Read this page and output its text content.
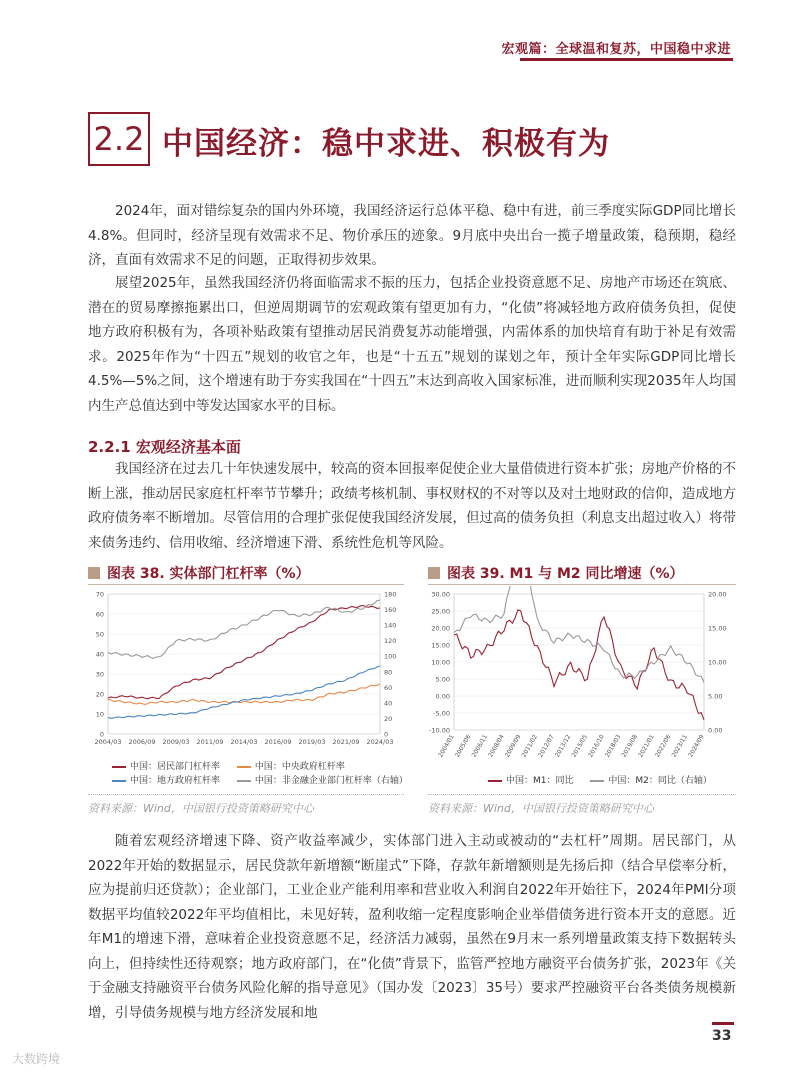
宏观篇：全球温和复苏，中国稳中求进
2.2 中国经济：稳中求进、积极有为
2024年，面对错综复杂的国内外环境，我国经济运行总体平稳、稳中有进，前三季度实际GDP同比增长4.8%。但同时，经济呈现有效需求不足、物价承压的迹象。9月底中央出台一揽子增量政策，稳预期，稳经济，直面有效需求不足的问题，正取得初步效果。
展望2025年，虽然我国经济仍将面临需求不振的压力，包括企业投资意愿不足、房地产市场还在筑底、潜在的贸易摩擦拖累出口，但逆周期调节的宏观政策有望更加有力，“化债”将减轻地方政府债务负担，促使地方政府积极有为，各项补贴政策有望推动居民消费复苏动能增强，内需体系的加快培育有助于补足有效需求。2025年作为“十四五”规划的收官之年，也是“十五五”规划的谋划之年，预计全年实际GDP同比增长4.5%—5%之间，这个增速有助于夯实我国在“十四五”末达到高收入国家标准，进而顺利实现2035年人均国内生产总值达到中等发达国家水平的目标。
2.2.1 宏观经济基本面
我国经济在过去几十年快速发展中，较高的资本回报率促使企业大量借债进行资本扩张；房地产价格的不断上涨，推动居民家庭杠杆率节节攀升；政绩考核机制、事权财权的不对等以及对土地财政的信仰，造成地方政府债务率不断增加。尽管信用的合理扩张促使我国经济发展，但过高的债务负担（利息支出超过收入）将带来债务违约、信用收缩、经济增速下滑、系统性危机等风险。
图表 38. 实体部门杠杆率（%）
0
10
20
30
40
50
60
70
0
20
40
60
80
100
120
140
160
180
2004/03 2006/09 2009/03 2011/09 2014/03 2016/09 2019/03 2021/09 2024/03
中国：居民部门杠杆率	中国：中央政府杠杆率
中国：地方政府杠杆率	中国：非金融企业部门杠杆率（右轴）
资料来源：Wind，中国银行投资策略研究中心
图表 39. M1 与 M2 同比增速（%）
-10.00
-5.00
0.00
5.00
10.00
15.00
20.00
25.00
30.00
0.00
5.00
10.00
15.00
20.00
2004/01
2005/06
2006/11
2008/04
2009/09
2011/02
2012/07
2013/12
2015/05
2016/10
2018/03
2019/08
2021/01
2022/06
2023/11
2024/09
中国：M1：同比	中国：M2：同比（右轴）
资料来源：Wind，中国银行投资策略研究中心
随着宏观经济增速下降、资产收益率减少，实体部门进入主动或被动的“去杠杆”周期。居民部门，从2022年开始的数据显示，居民贷款年新增额“断崖式”下降，存款年新增额则是先扬后抑（结合早偿率分析，应为提前归还贷款）；企业部门，工业企业产能利用率和营业收入利润自2022年开始往下，2024年PMI分项数据平均值较2022年平均值相比，未见好转，盈利收缩一定程度影响企业举借债务进行资本开支的意愿。近年M1的增速下滑，意味着企业投资意愿不足，经济活力减弱，虽然在9月末一系列增量政策支持下数据转头向上，但持续性还待观察；地方政府部门，在“化债”背景下，监管严控地方融资平台债务扩张，2023年《关于金融支持融资平台债务风险化解的指导意见》（国办发〔2023〕35号）要求严控融资平台各类债务规模新增，引导债务规模与地方经济发展和地
33
大数跨境
